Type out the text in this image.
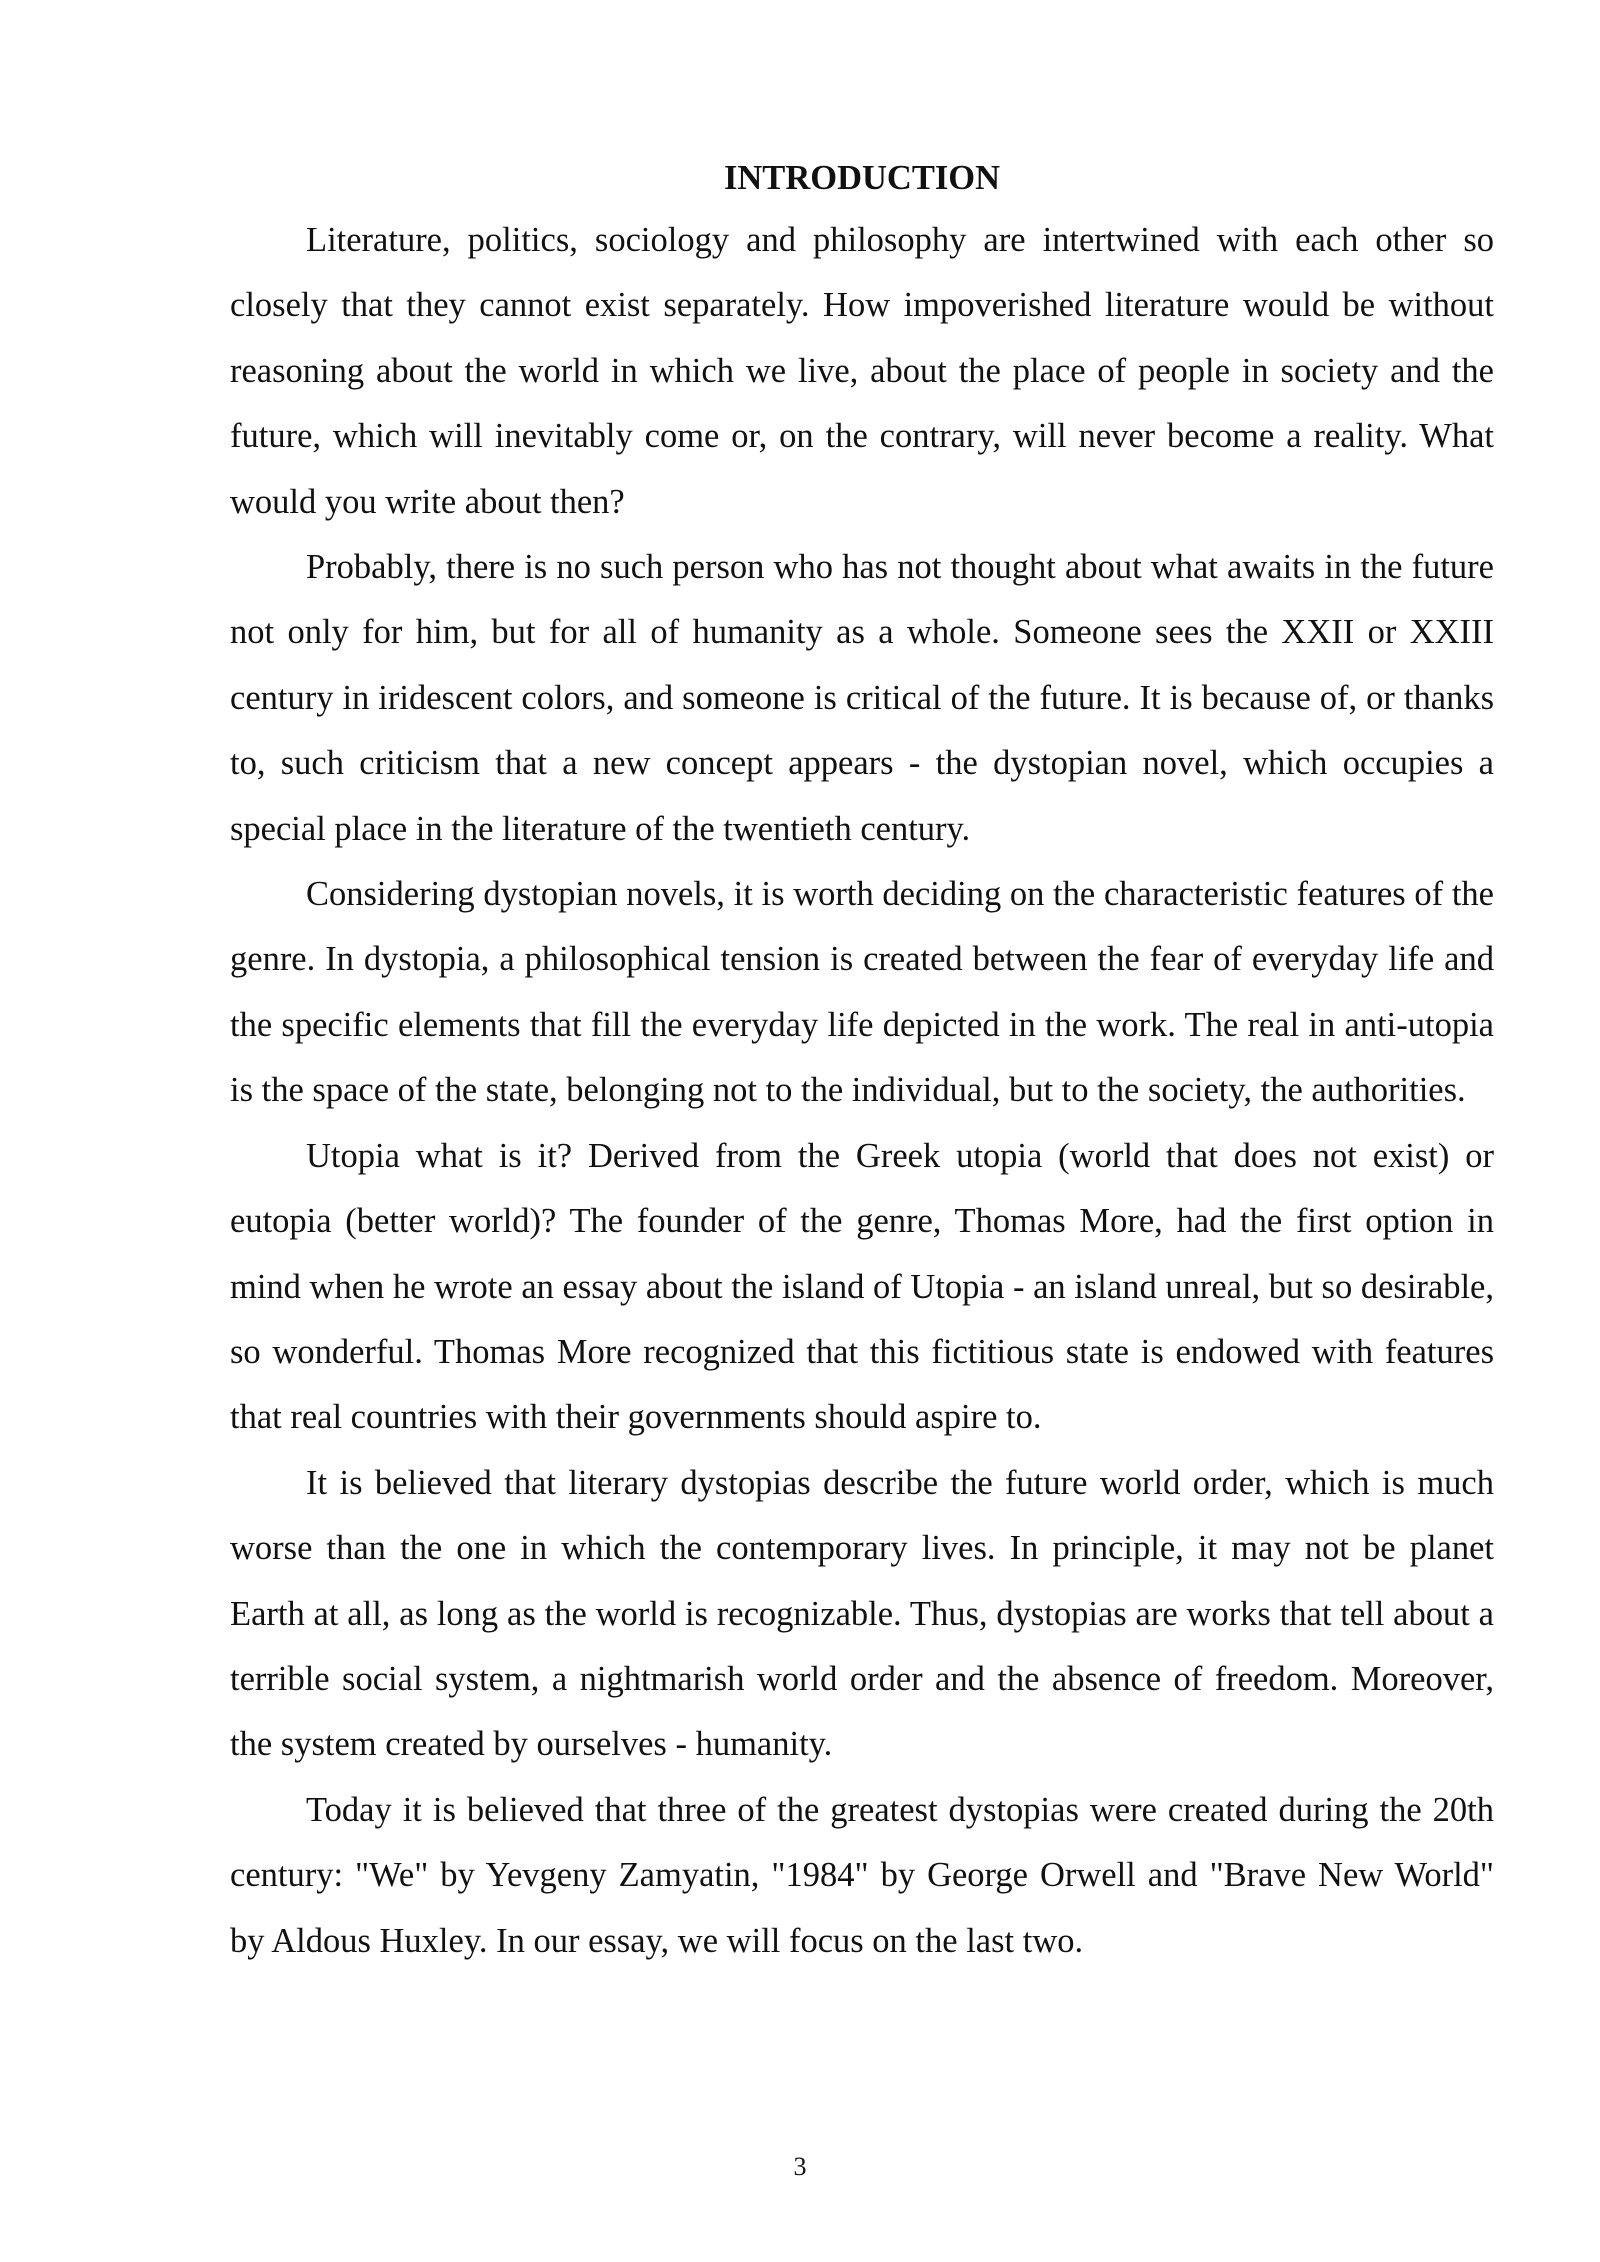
INTRODUCTION

Literature, politics, sociology and philosophy are intertwined with each other so closely that they cannot exist separately. How impoverished literature would be without reasoning about the world in which we live, about the place of people in society and the future, which will inevitably come or, on the contrary, will never become a reality. What would you write about then?

Probably, there is no such person who has not thought about what awaits in the future not only for him, but for all of humanity as a whole. Someone sees the XXII or XXIII century in iridescent colors, and someone is critical of the future. It is because of, or thanks to, such criticism that a new concept appears - the dystopian novel, which occupies a special place in the literature of the twentieth century.

Considering dystopian novels, it is worth deciding on the characteristic features of the genre. In dystopia, a philosophical tension is created between the fear of everyday life and the specific elements that fill the everyday life depicted in the work. The real in anti-utopia is the space of the state, belonging not to the individual, but to the society, the authorities.

Utopia what is it? Derived from the Greek utopia (world that does not exist) or eutopia (better world)? The founder of the genre, Thomas More, had the first option in mind when he wrote an essay about the island of Utopia - an island unreal, but so desirable, so wonderful. Thomas More recognized that this fictitious state is endowed with features that real countries with their governments should aspire to.

It is believed that literary dystopias describe the future world order, which is much worse than the one in which the contemporary lives. In principle, it may not be planet Earth at all, as long as the world is recognizable. Thus, dystopias are works that tell about a terrible social system, a nightmarish world order and the absence of freedom. Moreover, the system created by ourselves - humanity.

Today it is believed that three of the greatest dystopias were created during the 20th century: "We" by Yevgeny Zamyatin, "1984" by George Orwell and "Brave New World" by Aldous Huxley. In our essay, we will focus on the last two.

3
